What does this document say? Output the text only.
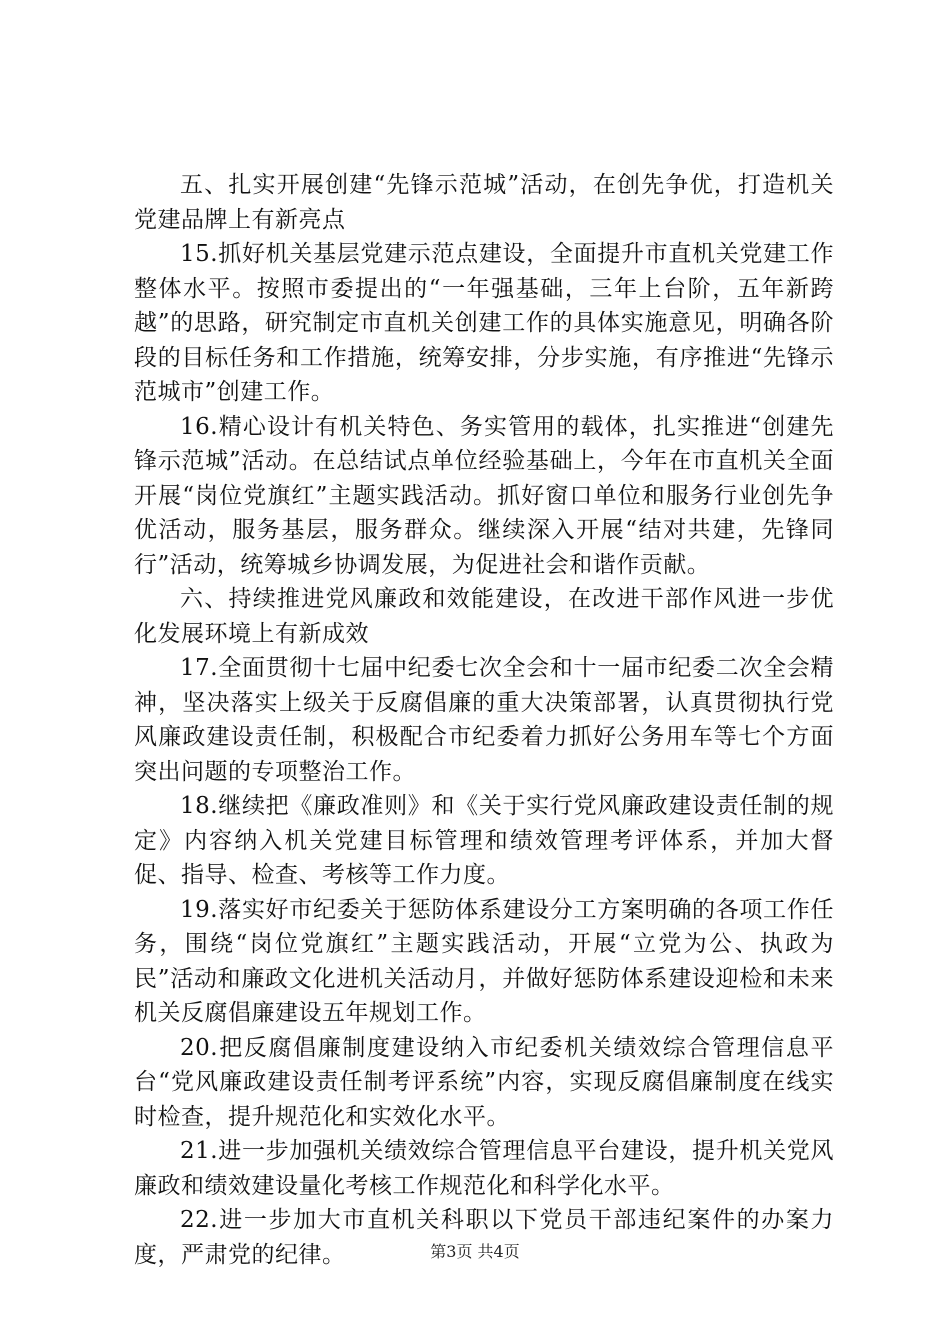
五、扎实开展创建“先锋示范城”活动，在创先争优，打造机关党建品牌上有新亮点

15.抓好机关基层党建示范点建设，全面提升市直机关党建工作整体水平。按照市委提出的“一年强基础，三年上台阶，五年新跨越”的思路，研究制定市直机关创建工作的具体实施意见，明确各阶段的目标任务和工作措施，统筹安排，分步实施，有序推进“先锋示范城市”创建工作。

16.精心设计有机关特色、务实管用的载体，扎实推进“创建先锋示范城”活动。在总结试点单位经验基础上，今年在市直机关全面开展“岗位党旗红”主题实践活动。抓好窗口单位和服务行业创先争优活动，服务基层，服务群众。继续深入开展“结对共建，先锋同行”活动，统筹城乡协调发展，为促进社会和谐作贡献。

六、持续推进党风廉政和效能建设，在改进干部作风进一步优化发展环境上有新成效

17.全面贯彻十七届中纪委七次全会和十一届市纪委二次全会精神，坚决落实上级关于反腐倡廉的重大决策部署，认真贯彻执行党风廉政建设责任制，积极配合市纪委着力抓好公务用车等七个方面突出问题的专项整治工作。

18.继续把《廉政准则》和《关于实行党风廉政建设责任制的规定》内容纳入机关党建目标管理和绩效管理考评体系，并加大督促、指导、检查、考核等工作力度。

19.落实好市纪委关于惩防体系建设分工方案明确的各项工作任务，围绕“岗位党旗红”主题实践活动，开展“立党为公、执政为民”活动和廉政文化进机关活动月，并做好惩防体系建设迎检和未来机关反腐倡廉建设五年规划工作。

20.把反腐倡廉制度建设纳入市纪委机关绩效综合管理信息平台“党风廉政建设责任制考评系统”内容，实现反腐倡廉制度在线实时检查，提升规范化和实效化水平。

21.进一步加强机关绩效综合管理信息平台建设，提升机关党风廉政和绩效建设量化考核工作规范化和科学化水平。

22.进一步加大市直机关科职以下党员干部违纪案件的办案力度，严肃党的纪律。	第3页 共4页
